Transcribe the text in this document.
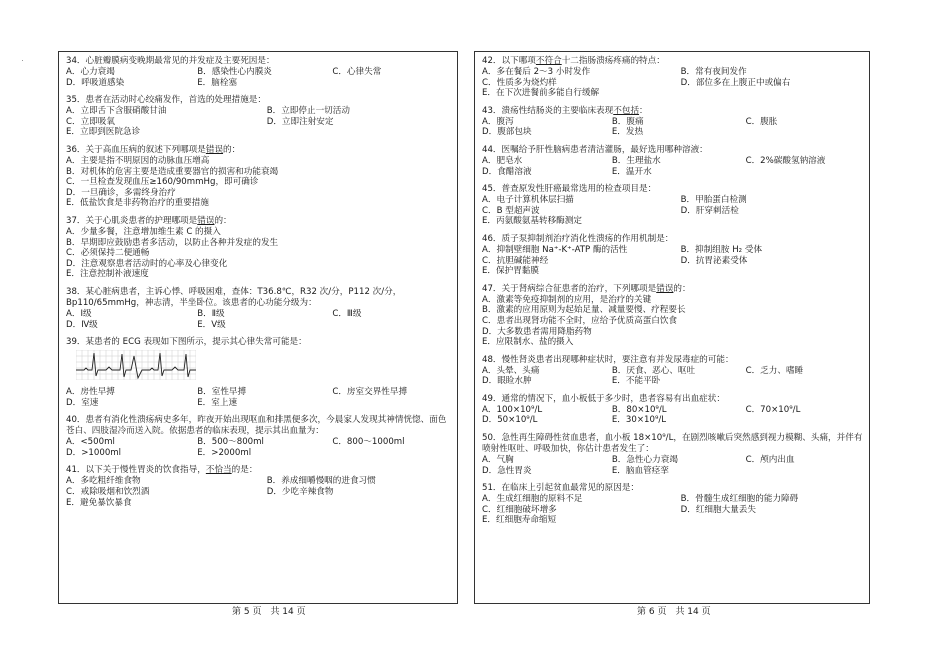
34．心脏瓣膜病变晚期最常见的并发症及主要死因是：
A．心力衰竭	B．感染性心内膜炎	C．心律失常
D．呼吸道感染	E．脑栓塞
35．患者在活动时心绞痛发作，首选的处理措施是：
A．立即舌下含服硝酸甘油	B．立即停止一切活动
C．立即吸氧	D．立即注射安定
E．立即到医院急诊
36．关于高血压病的叙述下列哪项是错误的：
A．主要是指不明原因的动脉血压增高
B．对机体的危害主要是造成重要器官的损害和功能衰竭
C．一旦检查发现血压≥160/90mmHg，即可确诊
D．一旦确诊，多需终身治疗
E．低盐饮食是非药物治疗的重要措施
37．关于心肌炎患者的护理哪项是错误的：
A．少量多餐，注意增加维生素 C 的摄入
B．早期即应鼓励患者多活动，以防止各种并发症的发生
C．必须保持二便通畅
D．注意观察患者活动时的心率及心律变化
E．注意控制补液速度
38．某心脏病患者，主诉心悸、呼吸困难，查体：T36.8℃，R32 次/分，P112 次/分，Bp110/65mmHg，神志清，半坐卧位。该患者的心功能分级为：
A．Ⅰ级	B．Ⅱ级	C．Ⅲ级
D．Ⅳ级	E．Ⅴ级
39．某患者的 ECG 表现如下图所示，提示其心律失常可能是：
A．房性早搏	B．室性早搏	C．房室交界性早搏
D．室速	E．室上速
40．患者有消化性溃疡病史多年，昨夜开始出现呕血和排黑便多次，今晨家人发现其神情恍惚、面色苍白、四肢湿冷而送入院。依据患者的临床表现，提示其出血量为：
A．<500ml	B．500～800ml	C．800～1000ml
D．>1000ml	E．>2000ml
41．以下关于慢性胃炎的饮食指导，不恰当的是：
A．多吃粗纤维食物	B．养成细嚼慢咽的进食习惯
C．戒除吸烟和饮烈酒	D．少吃辛辣食物
E．避免暴饮暴食
42．以下哪项不符合十二指肠溃疡疼痛的特点：
A．多在餐后 2～3 小时发作	B．常有夜间发作
C．性质多为烧灼样	D．部位多在上腹正中或偏右
E．在下次进餐前多能自行缓解
43．溃疡性结肠炎的主要临床表现不包括：
A．腹泻	B．腹痛	C．腹胀
D．腹部包块	E．发热
44．医嘱给予肝性脑病患者清洁灌肠，最好选用哪种溶液：
A．肥皂水	B．生理盐水	C．2%碳酸氢钠溶液
D．食醋溶液	E．温开水
45．普查原发性肝癌最常选用的检查项目是：
A．电子计算机体层扫描	B．甲胎蛋白检测
C．B 型超声波	D．肝穿刺活检
E．丙氨酸氨基转移酶测定
46．质子泵抑制剂治疗消化性溃疡的作用机制是：
A．抑制壁细胞 Na⁺-K⁺-ATP 酶的活性	B．抑制组胺 H₂ 受体
C．抗胆碱能神经	D．抗胃泌素受体
E．保护胃黏膜
47．关于肾病综合征患者的治疗，下列哪项是错误的：
A．激素等免疫抑制剂的应用，是治疗的关键
B．激素的应用原则为起始足量、减量要慢、疗程要长
C．患者出现肾功能不全时，应给予优质高蛋白饮食
D．大多数患者需用降脂药物
E．应限制水、盐的摄入
48．慢性肾炎患者出现哪种症状时，要注意有并发尿毒症的可能：
A．头晕、头痛	B．厌食、恶心、呕吐	C．乏力、嗜睡
D．眼睑水肿	E．不能平卧
49．通常的情况下，血小板低于多少时，患者容易有出血症状：
A．100×10⁹/L	B．80×10⁹/L	C．70×10⁹/L
D．50×10⁹/L	E．30×10⁹/L
50．急性再生障碍性贫血患者，血小板 18×10⁹/L，在剧烈咳嗽后突然感到视力模糊、头痛，并伴有喷射性呕吐、呼吸加快，你估计患者发生了：
A．气胸	B．急性心力衰竭	C．颅内出血
D．急性胃炎	E．脑血管痉挛
51．在临床上引起贫血最常见的原因是：
A．生成红细胞的原料不足	B．骨髓生成红细胞的能力障碍
C．红细胞破坏增多	D．红细胞大量丢失
E．红细胞寿命缩短
第 5 页　共 14 页	第 6 页　共 14 页
